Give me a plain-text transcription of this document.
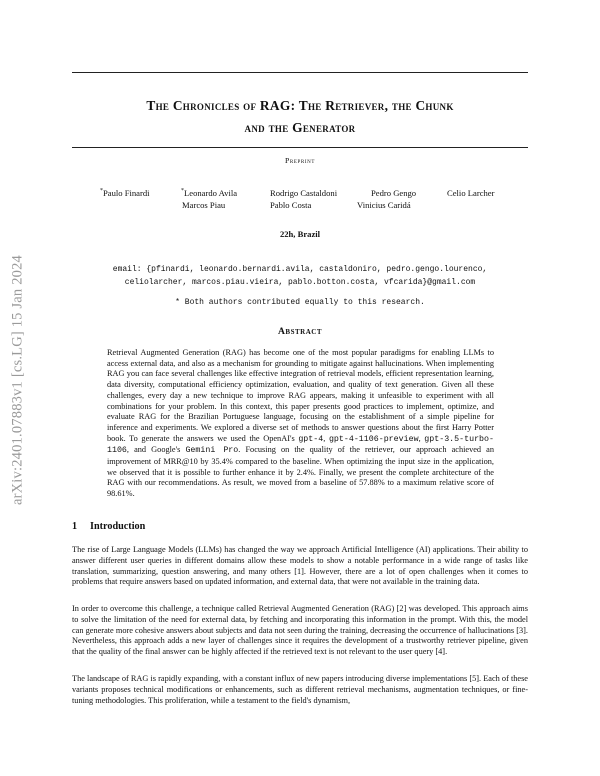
arXiv:2401.07883v1 [cs.LG] 15 Jan 2024
The Chronicles of RAG: The Retriever, the Chunk
and the Generator
Preprint
*Paulo Finardi	*Leonardo Avila	Rodrigo Castaldoni	Pedro Gengo	Celio Larcher
Marcos Piau	Pablo Costa	Vinicius Caridá
22h, Brazil
email: {pfinardi, leonardo.bernardi.avila, castaldoniro, pedro.gengo.lourenco,
celiolarcher, marcos.piau.vieira, pablo.botton.costa, vfcarida}@gmail.com
* Both authors contributed equally to this research.
Abstract
Retrieval Augmented Generation (RAG) has become one of the most popular paradigms for enabling LLMs to access external data, and also as a mechanism for grounding to mitigate against hallucinations. When implementing RAG you can face several challenges like effective integration of retrieval models, efficient representation learning, data diversity, computational efficiency optimization, evaluation, and quality of text generation. Given all these challenges, every day a new technique to improve RAG appears, making it unfeasible to experiment with all combinations for your problem. In this context, this paper presents good practices to implement, optimize, and evaluate RAG for the Brazilian Portuguese language, focusing on the establishment of a simple pipeline for inference and experiments. We explored a diverse set of methods to answer questions about the first Harry Potter book. To generate the answers we used the OpenAI's gpt-4, gpt-4-1106-preview, gpt-3.5-turbo-1106, and Google's Gemini Pro. Focusing on the quality of the retriever, our approach achieved an improvement of MRR@10 by 35.4% compared to the baseline. When optimizing the input size in the application, we observed that it is possible to further enhance it by 2.4%. Finally, we present the complete architecture of the RAG with our recommendations. As result, we moved from a baseline of 57.88% to a maximum relative score of 98.61%.
1 Introduction
The rise of Large Language Models (LLMs) has changed the way we approach Artificial Intelligence (AI) applications. Their ability to answer different user queries in different domains allow these models to show a notable performance in a wide range of tasks like translation, summarizing, question answering, and many others [1]. However, there are a lot of open challenges when it comes to problems that require answers based on updated information, and external data, that were not available in the training data.
In order to overcome this challenge, a technique called Retrieval Augmented Generation (RAG) [2] was developed. This approach aims to solve the limitation of the need for external data, by fetching and incorporating this information in the prompt. With this, the model can generate more cohesive answers about subjects and data not seen during the training, decreasing the occurrence of hallucinations [3]. Nevertheless, this approach adds a new layer of challenges since it requires the development of a trustworthy retriever pipeline, given that the quality of the final answer can be highly affected if the retrieved text is not relevant to the user query [4].
The landscape of RAG is rapidly expanding, with a constant influx of new papers introducing diverse implementations [5]. Each of these variants proposes technical modifications or enhancements, such as different retrieval mechanisms, augmentation techniques, or fine-tuning methodologies. This proliferation, while a testament to the field's dynamism,
